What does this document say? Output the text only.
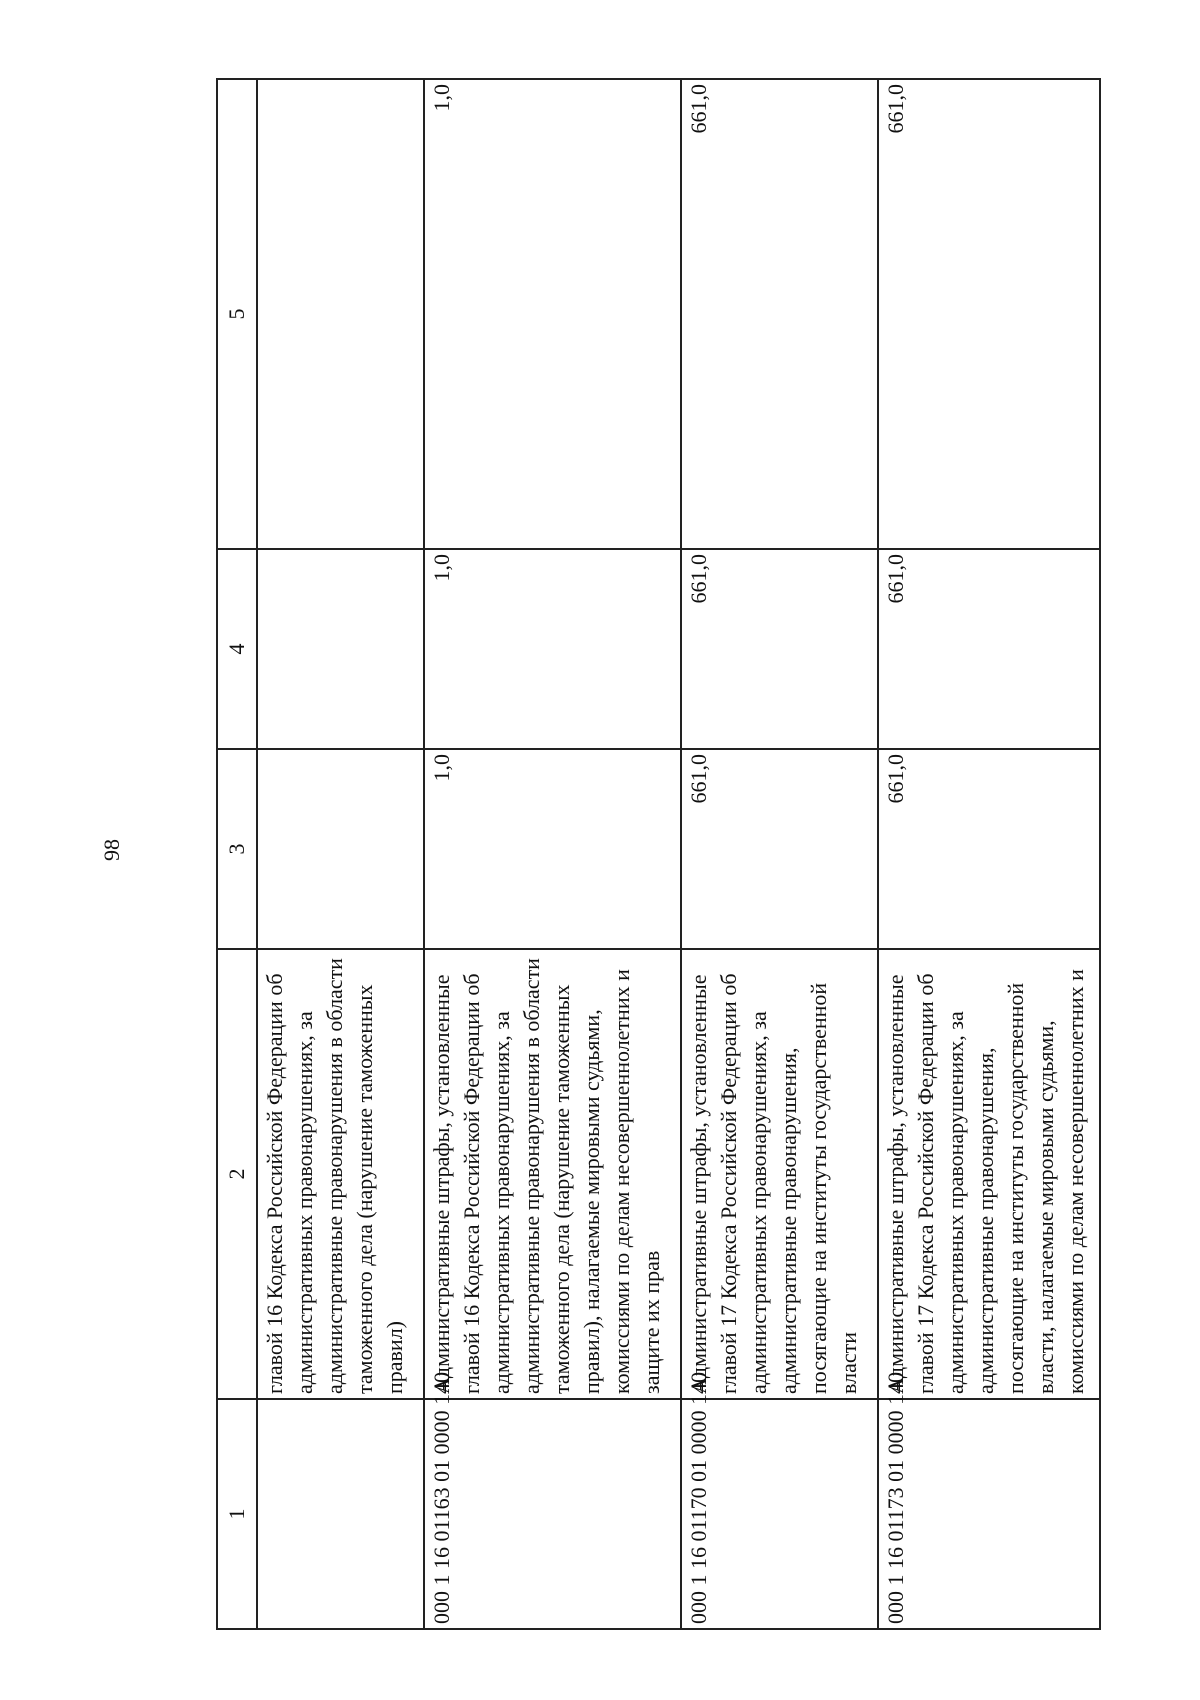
98
1	2	3	4	5
	главой 16 Кодекса Российской Федерации об административных правонарушениях, за административные правонарушения в области таможенного дела (нарушение таможенных правил)			
000 1 16 01163 01 0000 140	Административные штрафы, установленные главой 16 Кодекса Российской Федерации об административных правонарушениях, за административные правонарушения в области таможенного дела (нарушение таможенных правил), налагаемые мировыми судьями, комиссиями по делам несовершеннолетних и защите их прав	1,0	1,0	1,0
000 1 16 01170 01 0000 140	Административные штрафы, установленные главой 17 Кодекса Российской Федерации об административных правонарушениях, за административные правонарушения, посягающие на институты государственной власти	661,0	661,0	661,0
000 1 16 01173 01 0000 140	Административные штрафы, установленные главой 17 Кодекса Российской Федерации об административных правонарушениях, за административные правонарушения, посягающие на институты государственной власти, налагаемые мировыми судьями, комиссиями по делам несовершеннолетних и	661,0	661,0	661,0
